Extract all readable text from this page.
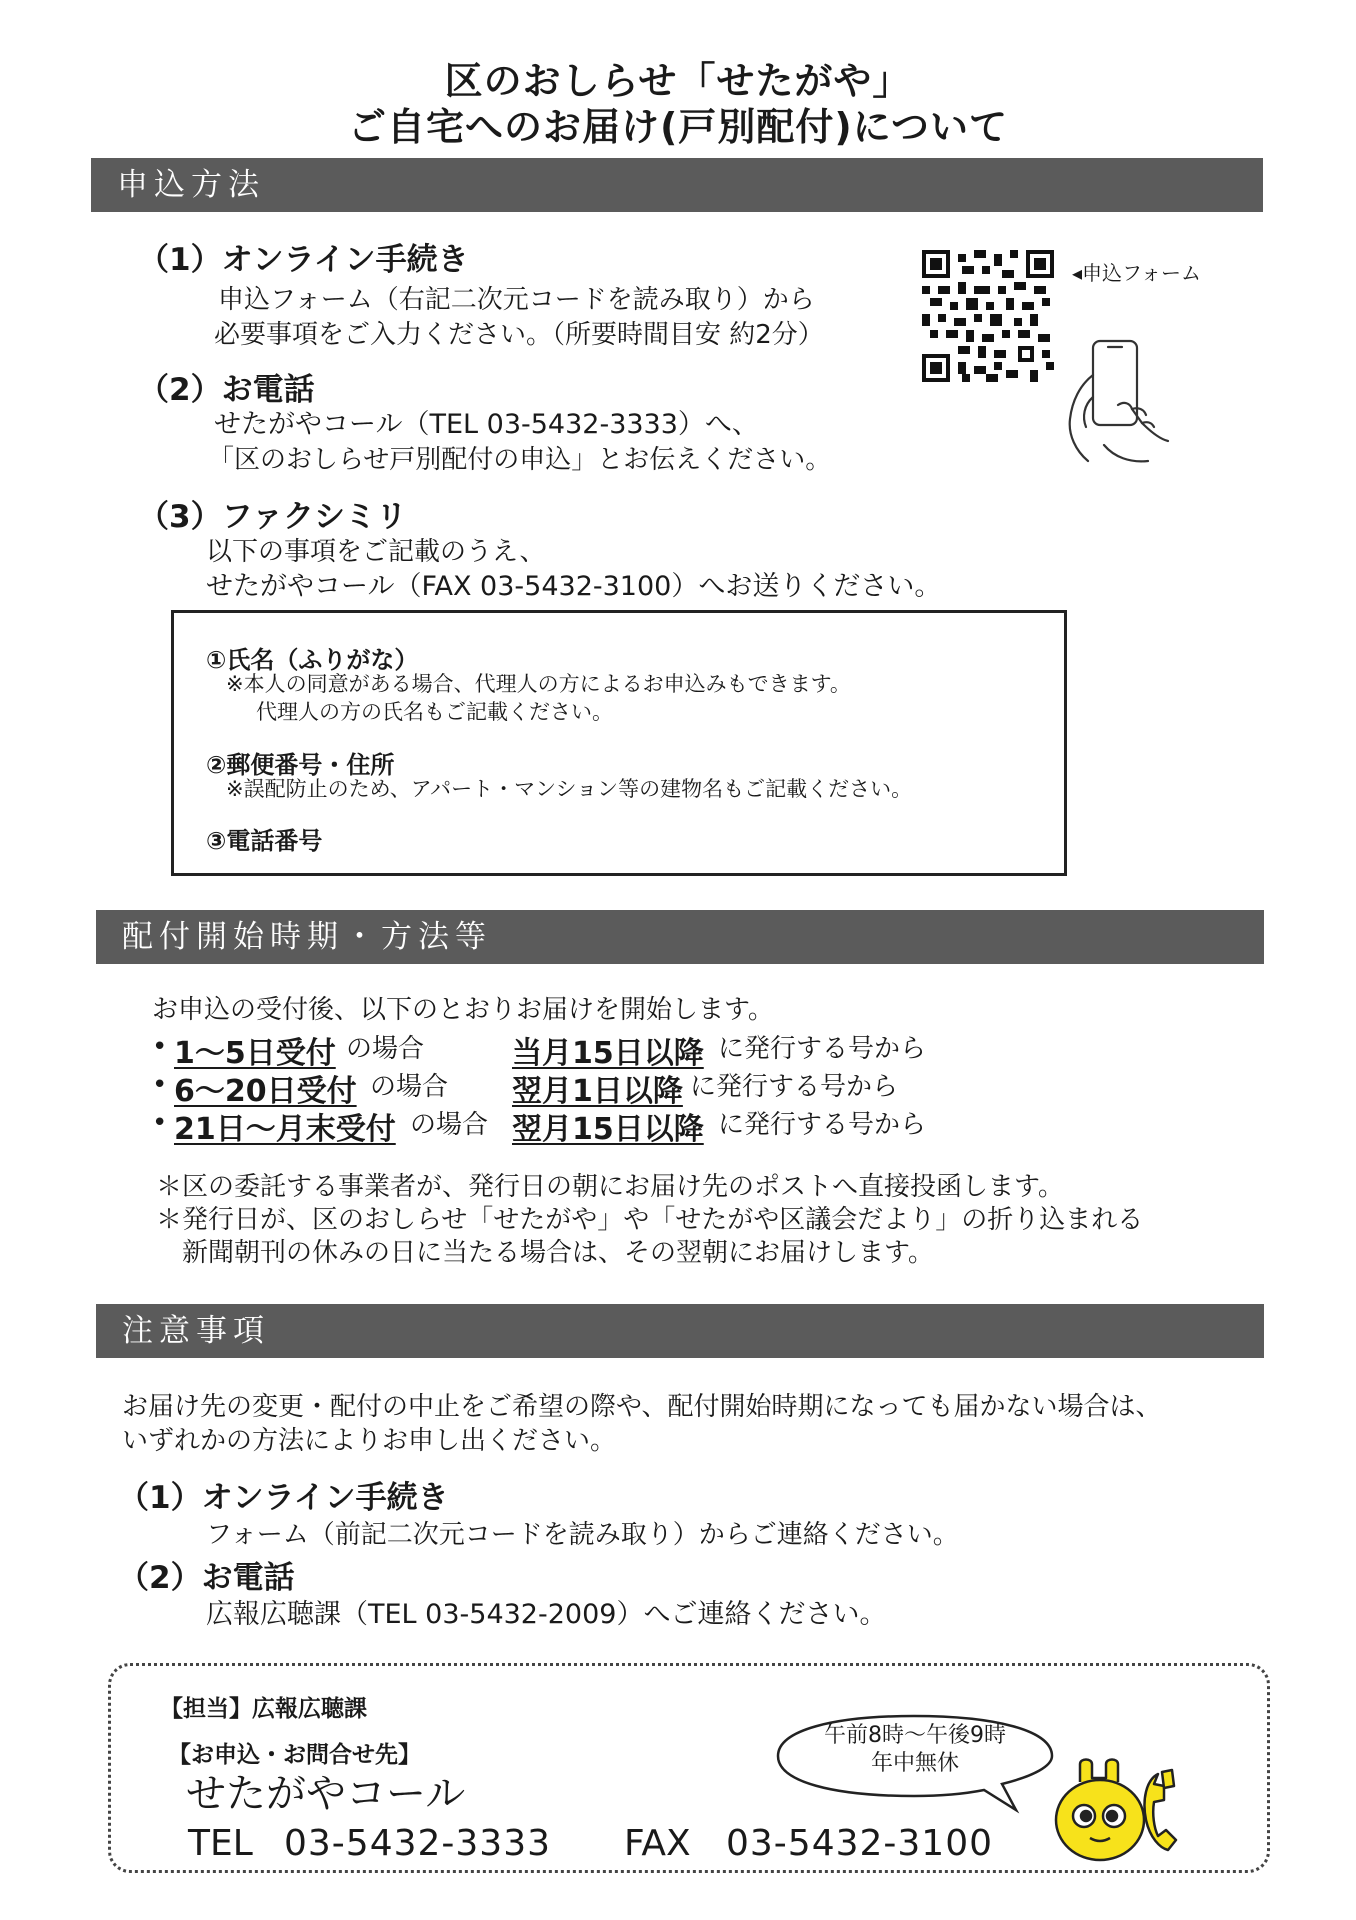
区のおしらせ「せたがや」
ご自宅へのお届け(戸別配付)について
申込方法
（1）オンライン手続き
申込フォーム（右記二次元コードを読み取り）から
必要事項をご入力ください。（所要時間目安 約2分）
◂申込フォーム
（2）お電話
せたがやコール（TEL 03-5432-3333）へ、
「区のおしらせ戸別配付の申込」とお伝えください。
（3）ファクシミリ
以下の事項をご記載のうえ、
せたがやコール（FAX 03-5432-3100）へお送りください。
①氏名（ふりがな）
※本人の同意がある場合、代理人の方によるお申込みもできます。
代理人の方の氏名もご記載ください。
②郵便番号・住所
※誤配防止のため、アパート・マンション等の建物名もご記載ください。
③電話番号
配付開始時期・方法等
お申込の受付後、以下のとおりお届けを開始します。
• 1～5日受付 の場合	当月15日以降 に発行する号から
• 6～20日受付 の場合 翌月1日以降 に発行する号から
• 21日～月末受付 の場合 翌月15日以降 に発行する号から
＊区の委託する事業者が、発行日の朝にお届け先のポストへ直接投函します。
＊発行日が、区のおしらせ「せたがや」や「せたがや区議会だより」の折り込まれる
新聞朝刊の休みの日に当たる場合は、その翌朝にお届けします。
注意事項
お届け先の変更・配付の中止をご希望の際や、配付開始時期になっても届かない場合は、
いずれかの方法によりお申し出ください。
（1）オンライン手続き
フォーム（前記二次元コードを読み取り）からご連絡ください。
（2）お電話
広報広聴課（TEL 03-5432-2009）へご連絡ください。
【担当】広報広聴課
【お申込・お問合せ先】
せたがやコール
TEL 03-5432-3333 FAX 03-5432-3100
午前8時～午後9時
年中無休
